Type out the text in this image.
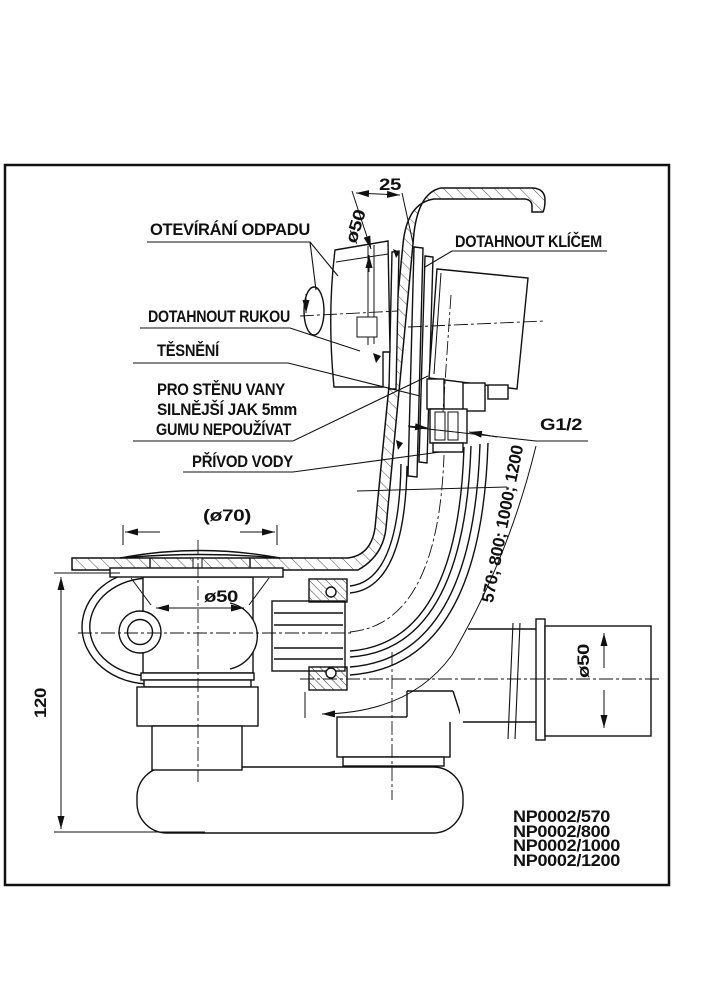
ø50
570; 800; 1000; 1200
25
ø50
OTEVÍRÁNÍ ODPADU
DOTAHNOUT KLÍČEM
DOTAHNOUT RUKOU
TĚSNĚNÍ
PRO STĚNU VANY
SILNĚJŠÍ JAK 5mm
GUMU NEPOUŽÍVAT
PŘÍVOD VODY
G1/2
(ø70)
ø50
120
NP0002/570
NP0002/800
NP0002/1000
NP0002/1200
